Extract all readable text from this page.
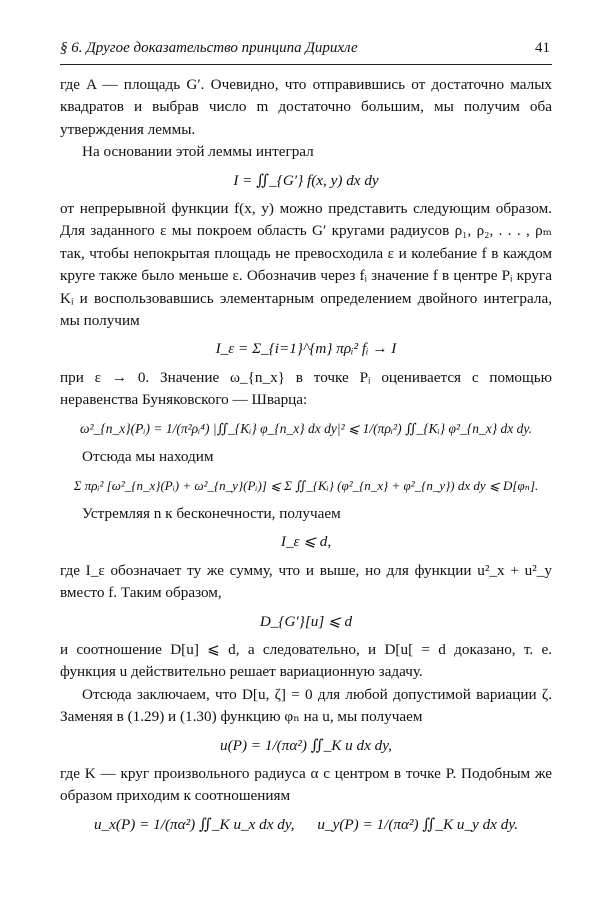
§ 6. Другое доказательство принципа Дирихле	41

где A — площадь G′. Очевидно, что отправившись от достаточно малых квадратов и выбрав число m достаточно большим, мы получим оба утверждения леммы.

На основании этой леммы интеграл

I = ∬_{G′} f(x, y) dx dy

от непрерывной функции f(x, y) можно представить следующим образом. Для заданного ε мы покроем область G′ кругами радиусов ρ₁, ρ₂, . . . , ρₘ так, чтобы непокрытая площадь не превосходила ε и колебание f в каждом круге также было меньше ε. Обозначив через fᵢ значение f в центре Pᵢ круга Kᵢ и воспользовавшись элементарным определением двойного интеграла, мы получим

I_ε = Σ_{i=1}^{m} πρᵢ² fᵢ → I

при ε → 0. Значение ω_{n_x} в точке Pᵢ оценивается с помощью неравенства Буняковского — Шварца:

ω²_{n_x}(Pᵢ) = 1/(π²ρᵢ⁴) |∬_{Kᵢ} φ_{n_x} dx dy|² ⩽ 1/(πρᵢ²) ∬_{Kᵢ} φ²_{n_x} dx dy.

Отсюда мы находим

Σ πρᵢ² [ω²_{n_x}(Pᵢ) + ω²_{n_y}(Pᵢ)] ⩽ Σ ∬_{Kᵢ} (φ²_{n_x} + φ²_{n_y}) dx dy ⩽ D[φₙ].

Устремляя n к бесконечности, получаем

I_ε ⩽ d,

где I_ε обозначает ту же сумму, что и выше, но для функции u²_x + u²_y вместо f. Таким образом,

D_{G′}[u] ⩽ d

и соотношение D[u] ⩽ d, а следовательно, и D[u[ = d доказано, т. е. функция u действительно решает вариационную задачу.

Отсюда заключаем, что D[u, ζ] = 0 для любой допустимой вариации ζ. Заменяя в (1.29) и (1.30) функцию φₙ на u, мы получаем

u(P) = 1/(πα²) ∬_K u dx dy,

где K — круг произвольного радиуса α с центром в точке P. Подобным же образом приходим к соотношениям

u_x(P) = 1/(πα²) ∬_K u_x dx dy, u_y(P) = 1/(πα²) ∬_K u_y dx dy.
